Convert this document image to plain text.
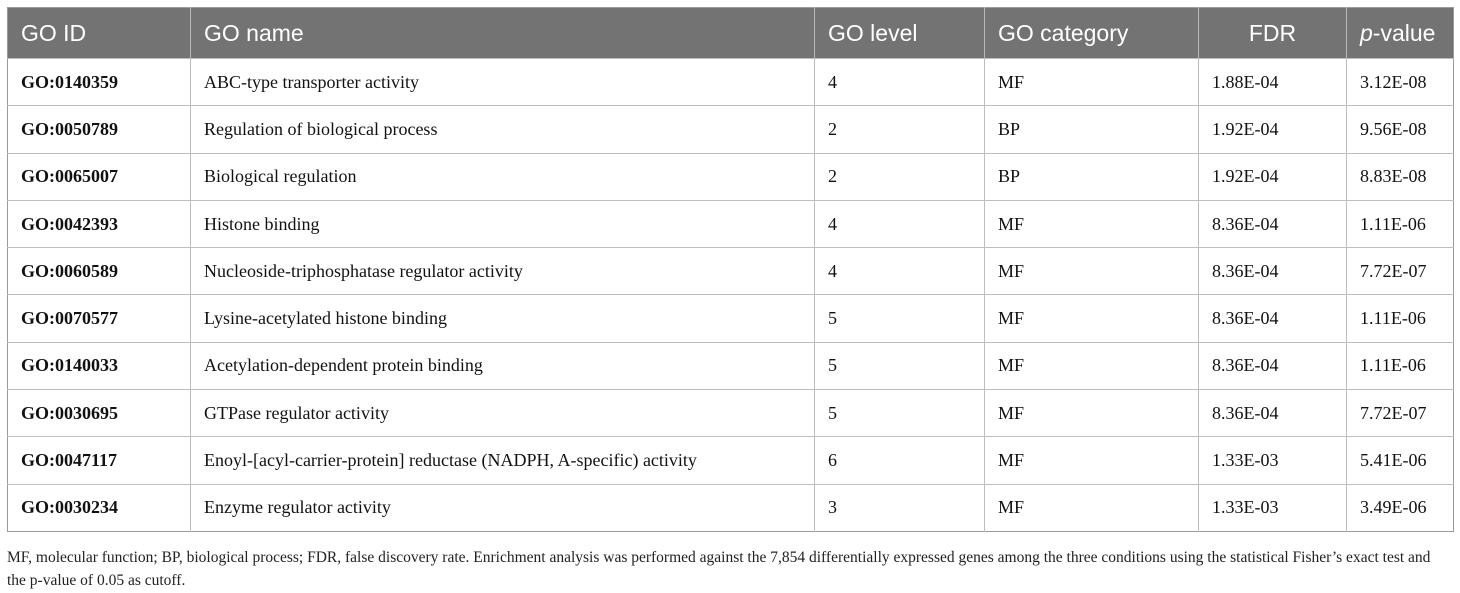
GO ID	GO name	GO level	GO category	FDR	p-value
GO:0140359	ABC-type transporter activity	4	MF	1.88E-04	3.12E-08
GO:0050789	Regulation of biological process	2	BP	1.92E-04	9.56E-08
GO:0065007	Biological regulation	2	BP	1.92E-04	8.83E-08
GO:0042393	Histone binding	4	MF	8.36E-04	1.11E-06
GO:0060589	Nucleoside-triphosphatase regulator activity	4	MF	8.36E-04	7.72E-07
GO:0070577	Lysine-acetylated histone binding	5	MF	8.36E-04	1.11E-06
GO:0140033	Acetylation-dependent protein binding	5	MF	8.36E-04	1.11E-06
GO:0030695	GTPase regulator activity	5	MF	8.36E-04	7.72E-07
GO:0047117	Enoyl-[acyl-carrier-protein] reductase (NADPH, A-specific) activity	6	MF	1.33E-03	5.41E-06
GO:0030234	Enzyme regulator activity	3	MF	1.33E-03	3.49E-06
MF, molecular function; BP, biological process; FDR, false discovery rate. Enrichment analysis was performed against the 7,854 differentially expressed genes among the three conditions using the statistical Fisher’s exact test and the p-value of 0.05 as cutoff.
